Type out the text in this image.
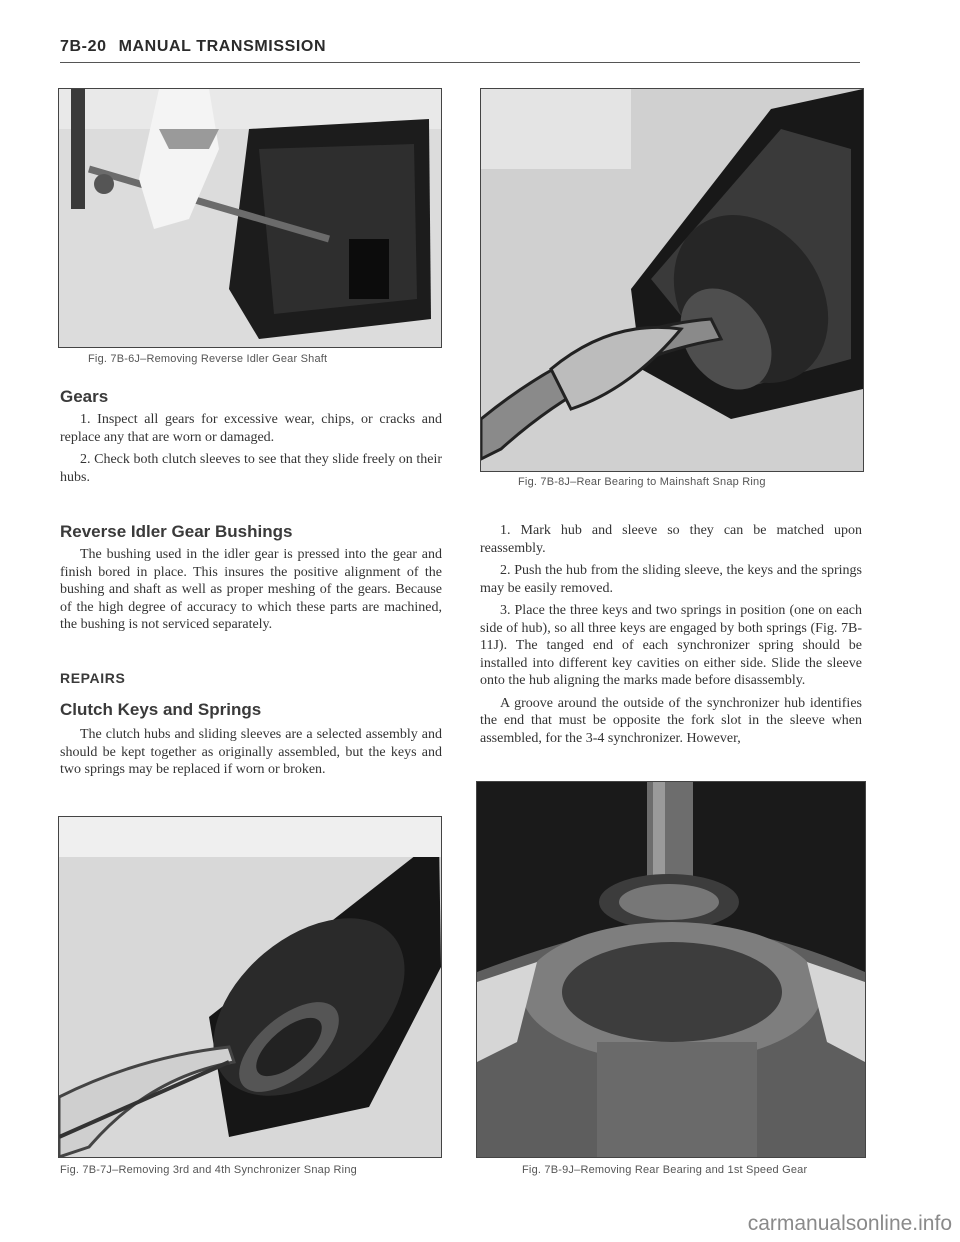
7B-20 MANUAL TRANSMISSION
Fig. 7B-6J–Removing Reverse Idler Gear Shaft
Gears

1. Inspect all gears for excessive wear, chips, or cracks and replace any that are worn or damaged.

2. Check both clutch sleeves to see that they slide freely on their hubs.

Reverse Idler Gear Bushings

The bushing used in the idler gear is pressed into the gear and finish bored in place. This insures the positive alignment of the bushing and shaft as well as proper meshing of the gears. Because of the high degree of accuracy to which these parts are machined, the bushing is not serviced separately.

REPAIRS
Clutch Keys and Springs

The clutch hubs and sliding sleeves are a selected assembly and should be kept together as originally assembled, but the keys and two springs may be replaced if worn or broken.

Fig. 7B-7J–Removing 3rd and 4th Synchronizer Snap Ring
Fig. 7B-8J–Rear Bearing to Mainshaft Snap Ring

1. Mark hub and sleeve so they can be matched upon reassembly.

2. Push the hub from the sliding sleeve, the keys and the springs may be easily removed.

3. Place the three keys and two springs in position (one on each side of hub), so all three keys are engaged by both springs (Fig. 7B-11J). The tanged end of each synchronizer spring should be installed into different key cavities on either side. Slide the sleeve onto the hub aligning the marks made before disassembly.

A groove around the outside of the synchronizer hub identifies the end that must be opposite the fork slot in the sleeve when assembled, for the 3-4 synchronizer. However,

Fig. 7B-9J–Removing Rear Bearing and 1st Speed Gear
carmanualsonline.info
